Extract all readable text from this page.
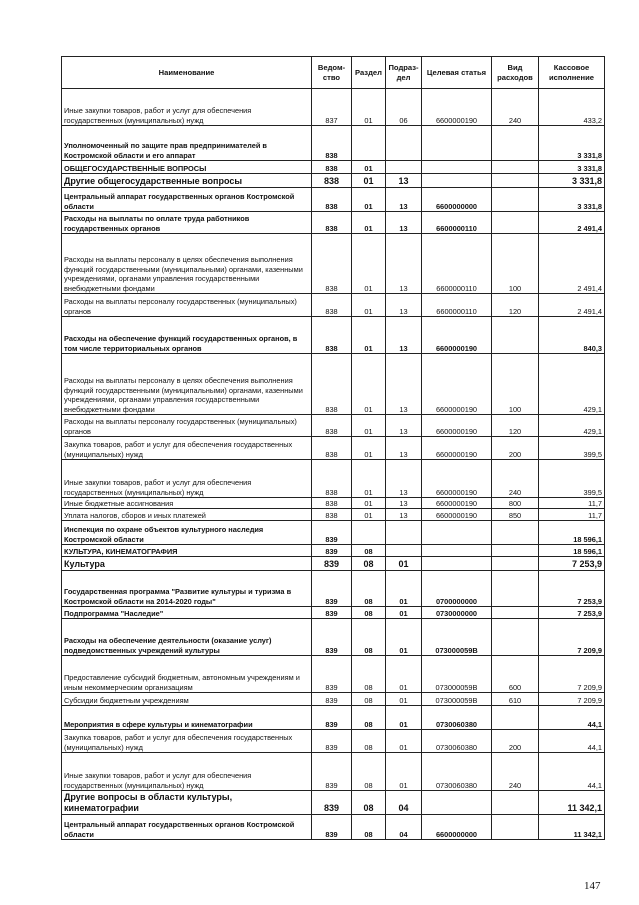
Наименование	Ведом-ство	Раздел	Подраз-дел	Целевая статья	Вид расходов	Кассовое исполнение
Иные закупки товаров, работ и услуг для обеспечения государственных (муниципальных) нужд	837	01	06	6600000190	240	433,2
Уполномоченный по защите прав предпринимателей в Костромской области и его аппарат	838					3 331,8
ОБЩЕГОСУДАРСТВЕННЫЕ ВОПРОСЫ	838	01				3 331,8
Другие общегосударственные вопросы	838	01	13			3 331,8
Центральный аппарат государственных органов Костромской области	838	01	13	6600000000		3 331,8
Расходы на выплаты по оплате труда работников государственных органов	838	01	13	6600000110		2 491,4
Расходы на выплаты персоналу в целях обеспечения выполнения функций государственными (муниципальными) органами, казенными учреждениями, органами управления государственными внебюджетными фондами	838	01	13	6600000110	100	2 491,4
Расходы на выплаты персоналу государственных (муниципальных) органов	838	01	13	6600000110	120	2 491,4
Расходы на обеспечение функций государственных органов, в том числе территориальных органов	838	01	13	6600000190		840,3
Расходы на выплаты персоналу в целях обеспечения выполнения функций государственными (муниципальными) органами, казенными учреждениями, органами управления государственными внебюджетными фондами	838	01	13	6600000190	100	429,1
Расходы на выплаты персоналу государственных (муниципальных) органов	838	01	13	6600000190	120	429,1
Закупка товаров, работ и услуг для обеспечения государственных (муниципальных) нужд	838	01	13	6600000190	200	399,5
Иные закупки товаров, работ и услуг для обеспечения государственных (муниципальных) нужд	838	01	13	6600000190	240	399,5
Иные бюджетные ассигнования	838	01	13	6600000190	800	11,7
Уплата налогов, сборов и иных платежей	838	01	13	6600000190	850	11,7
Инспекция по охране объектов культурного наследия Костромской области	839					18 596,1
КУЛЬТУРА, КИНЕМАТОГРАФИЯ	839	08				18 596,1
Культура	839	08	01			7 253,9
Государственная программа "Развитие культуры и туризма в Костромской области на 2014-2020 годы"	839	08	01	0700000000		7 253,9
Подпрограмма "Наследие"	839	08	01	0730000000		7 253,9
Расходы на обеспечение деятельности (оказание услуг) подведомственных учреждений культуры	839	08	01	073000059В		7 209,9
Предоставление субсидий бюджетным, автономным учреждениям и иным некоммерческим организациям	839	08	01	073000059В	600	7 209,9
Субсидии бюджетным учреждениям	839	08	01	073000059В	610	7 209,9
Мероприятия в сфере культуры и кинематографии	839	08	01	0730060380		44,1
Закупка товаров, работ и услуг для обеспечения государственных (муниципальных) нужд	839	08	01	0730060380	200	44,1
Иные закупки товаров, работ и услуг для обеспечения государственных (муниципальных) нужд	839	08	01	0730060380	240	44,1
Другие вопросы в области культуры, кинематографии	839	08	04			11 342,1
Центральный аппарат государственных органов Костромской области	839	08	04	6600000000		11 342,1
147
